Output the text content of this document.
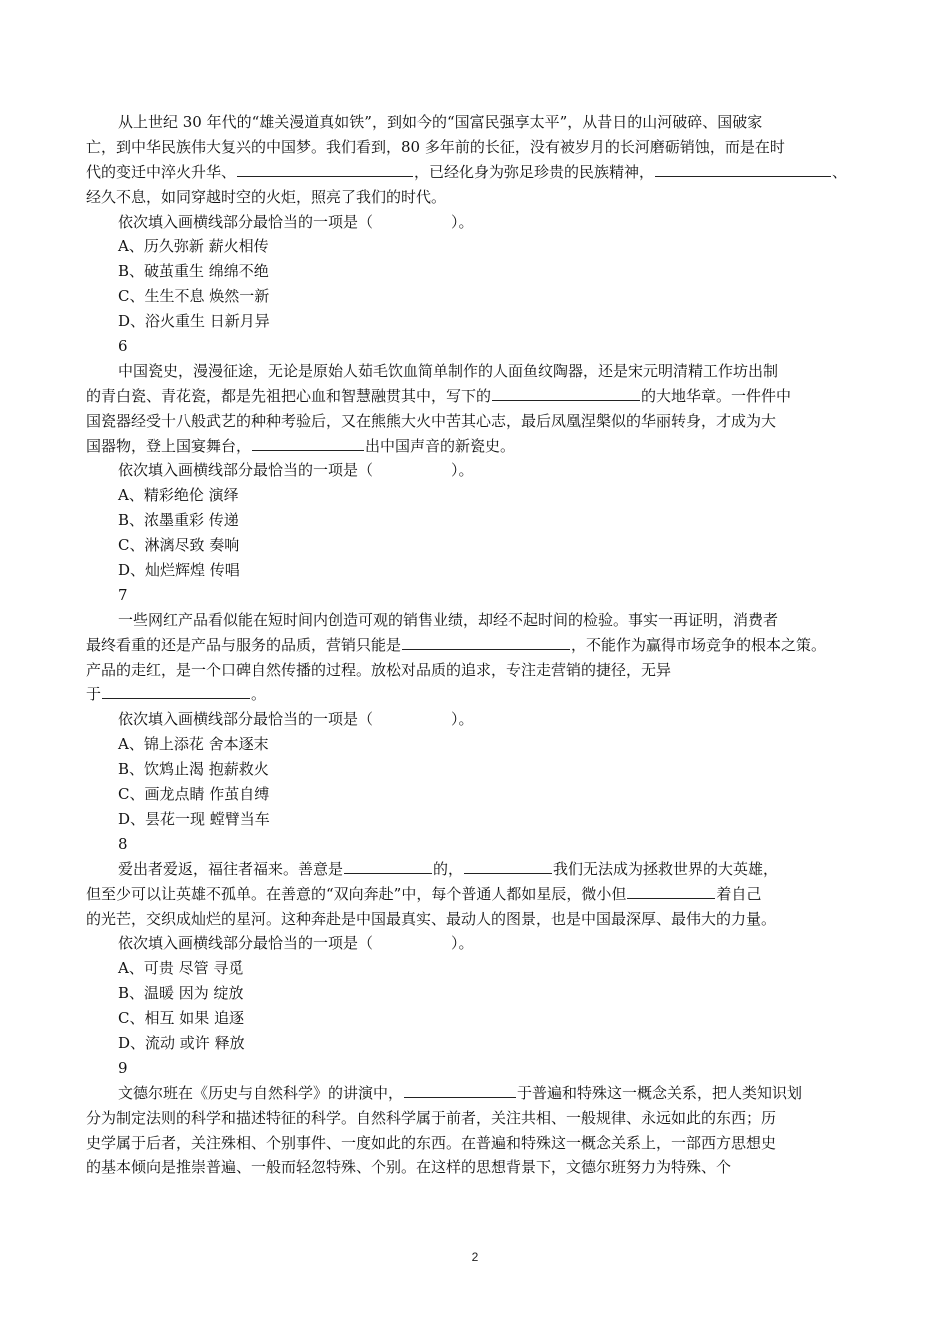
从上世纪 30 年代的“雄关漫道真如铁”，到如今的“国富民强享太平”，从昔日的山河破碎、国破家
亡，到中华民族伟大复兴的中国梦。我们看到，80 多年前的长征，没有被岁月的长河磨砺销蚀，而是在时
代的变迁中淬火升华、	，已经化身为弥足珍贵的民族精神，	、
经久不息，如同穿越时空的火炬，照亮了我们的时代。
依次填入画横线部分最恰当的一项是（	）。
A、历久弥新 薪火相传
B、破茧重生 绵绵不绝
C、生生不息 焕然一新
D、浴火重生 日新月异
6
中国瓷史，漫漫征途，无论是原始人茹毛饮血简单制作的人面鱼纹陶器，还是宋元明清精工作坊出制
的青白瓷、青花瓷，都是先祖把心血和智慧融贯其中，写下的	的大地华章。一件件中
国瓷器经受十八般武艺的种种考验后，又在熊熊大火中苦其心志，最后凤凰涅槃似的华丽转身，才成为大
国器物，登上国宴舞台，	出中国声音的新瓷史。
依次填入画横线部分最恰当的一项是（	）。
A、精彩绝伦 演绎
B、浓墨重彩 传递
C、淋漓尽致 奏响
D、灿烂辉煌 传唱
7
一些网红产品看似能在短时间内创造可观的销售业绩，却经不起时间的检验。事实一再证明，消费者
最终看重的还是产品与服务的品质，营销只能是	，不能作为赢得市场竞争的根本之策。
产品的走红，是一个口碑自然传播的过程。放松对品质的追求，专注走营销的捷径，无异
于	。
依次填入画横线部分最恰当的一项是（	）。
A、锦上添花 舍本逐末
B、饮鸩止渴 抱薪救火
C、画龙点睛 作茧自缚
D、昙花一现 螳臂当车
8
爱出者爱返，福往者福来。善意是	的，	我们无法成为拯救世界的大英雄，
但至少可以让英雄不孤单。在善意的“双向奔赴”中，每个普通人都如星辰，微小但	着自己
的光芒，交织成灿烂的星河。这种奔赴是中国最真实、最动人的图景，也是中国最深厚、最伟大的力量。
依次填入画横线部分最恰当的一项是（	）。
A、可贵 尽管 寻觅
B、温暖 因为 绽放
C、相互 如果 追逐
D、流动 或许 释放
9
文德尔班在《历史与自然科学》的讲演中，	于普遍和特殊这一概念关系，把人类知识划
分为制定法则的科学和描述特征的科学。自然科学属于前者，关注共相、一般规律、永远如此的东西；历
史学属于后者，关注殊相、个别事件、一度如此的东西。在普遍和特殊这一概念关系上，一部西方思想史
的基本倾向是推崇普遍、一般而轻忽特殊、个别。在这样的思想背景下，文德尔班努力为特殊、个
2
